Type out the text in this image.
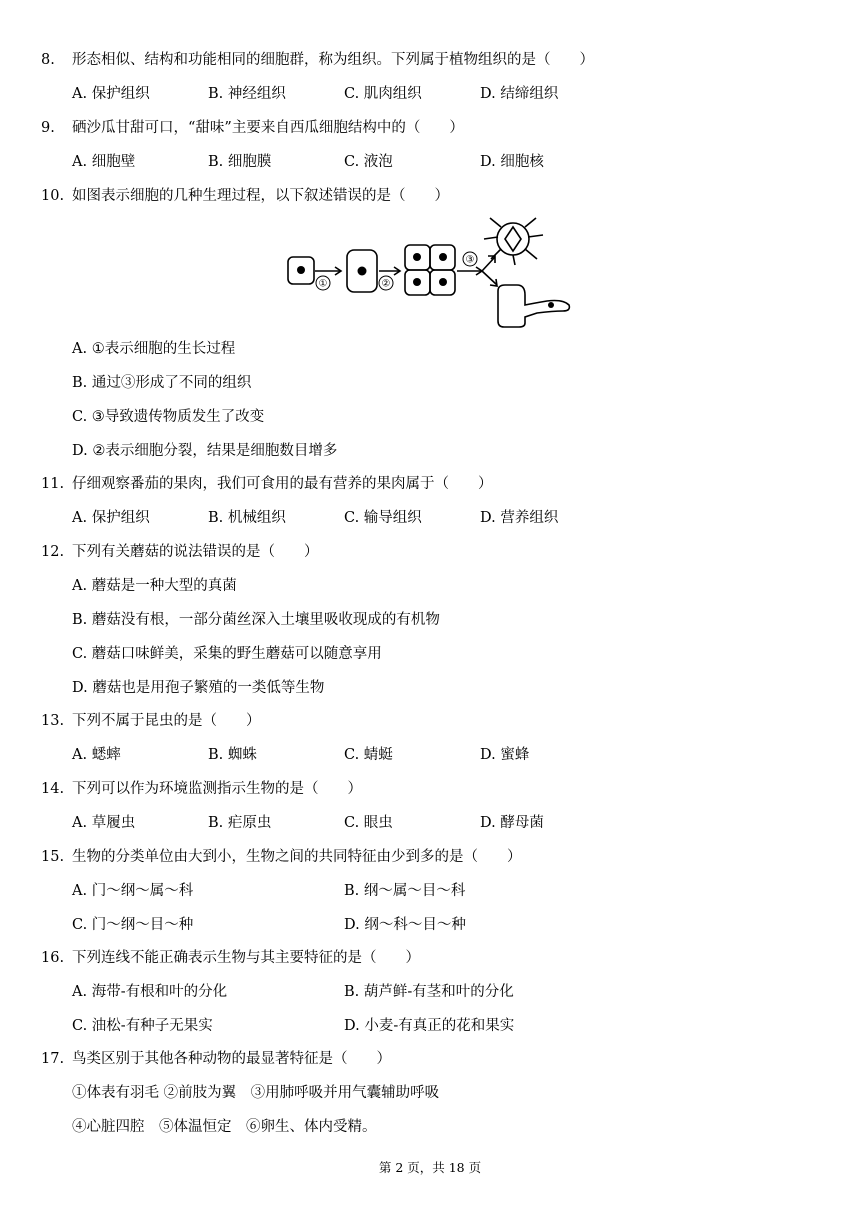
8. 形态相似、结构和功能相同的细胞群，称为组织。下列属于植物组织的是（　　）
A. 保护组织	B. 神经组织	C. 肌肉组织	D. 结缔组织
9. 硒沙瓜甘甜可口，“甜味”主要来自西瓜细胞结构中的（　　）
A. 细胞壁	B. 细胞膜	C. 液泡	D. 细胞核
10. 如图表示细胞的几种生理过程，以下叙述错误的是（　　）
①	②
③
A. ①表示细胞的生长过程
B. 通过③形成了不同的组织
C. ③导致遗传物质发生了改变
D. ②表示细胞分裂，结果是细胞数目增多
11. 仔细观察番茄的果肉，我们可食用的最有营养的果肉属于（　　）
A. 保护组织	B. 机械组织	C. 输导组织	D. 营养组织
12. 下列有关蘑菇的说法错误的是（　　）
A. 蘑菇是一种大型的真菌
B. 蘑菇没有根，一部分菌丝深入土壤里吸收现成的有机物
C. 蘑菇口味鲜美，采集的野生蘑菇可以随意享用
D. 蘑菇也是用孢子繁殖的一类低等生物
13. 下列不属于昆虫的是（　　）
A. 蟋蟀	B. 蜘蛛	C. 蜻蜓	D. 蜜蜂
14. 下列可以作为环境监测指示生物的是（　　）
A. 草履虫	B. 疟原虫	C. 眼虫	D. 酵母菌
15. 生物的分类单位由大到小，生物之间的共同特征由少到多的是（　　）
A. 门～纲～属～科	B. 纲～属～目～科
C. 门～纲～目～种	D. 纲～科～目～种
16. 下列连线不能正确表示生物与其主要特征的是（　　）
A. 海带-有根和叶的分化	B. 葫芦鲜-有茎和叶的分化
C. 油松-有种子无果实	D. 小麦-有真正的花和果实
17. 鸟类区别于其他各种动物的最显著特征是（　　）
①体表有羽毛 ②前肢为翼　③用肺呼吸并用气囊辅助呼吸
④心脏四腔　⑤体温恒定　⑥卵生、体内受精。
第 2 页，共 18 页
